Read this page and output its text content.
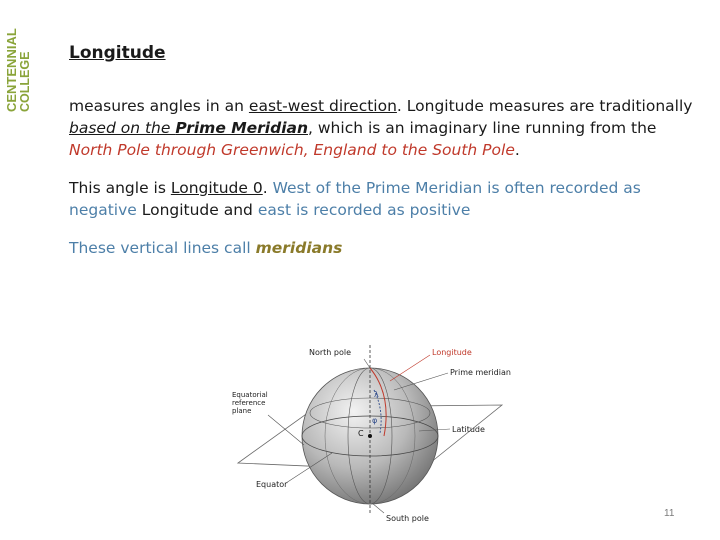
CENTENNIAL COLLEGE Longitude

measures angles in an east-west direction. Longitude measures are traditionally based on the Prime Meridian, which is an imaginary line running from the North Pole through Greenwich, England to the South Pole.

This angle is Longitude 0. West of the Prime Meridian is often recorded as negative Longitude and east is recorded as positive

These vertical lines call meridians

North pole	Longitude
Prime meridian
Equatorial
reference
plane
Latitude
Equator
South pole
C
λ
φ
11
